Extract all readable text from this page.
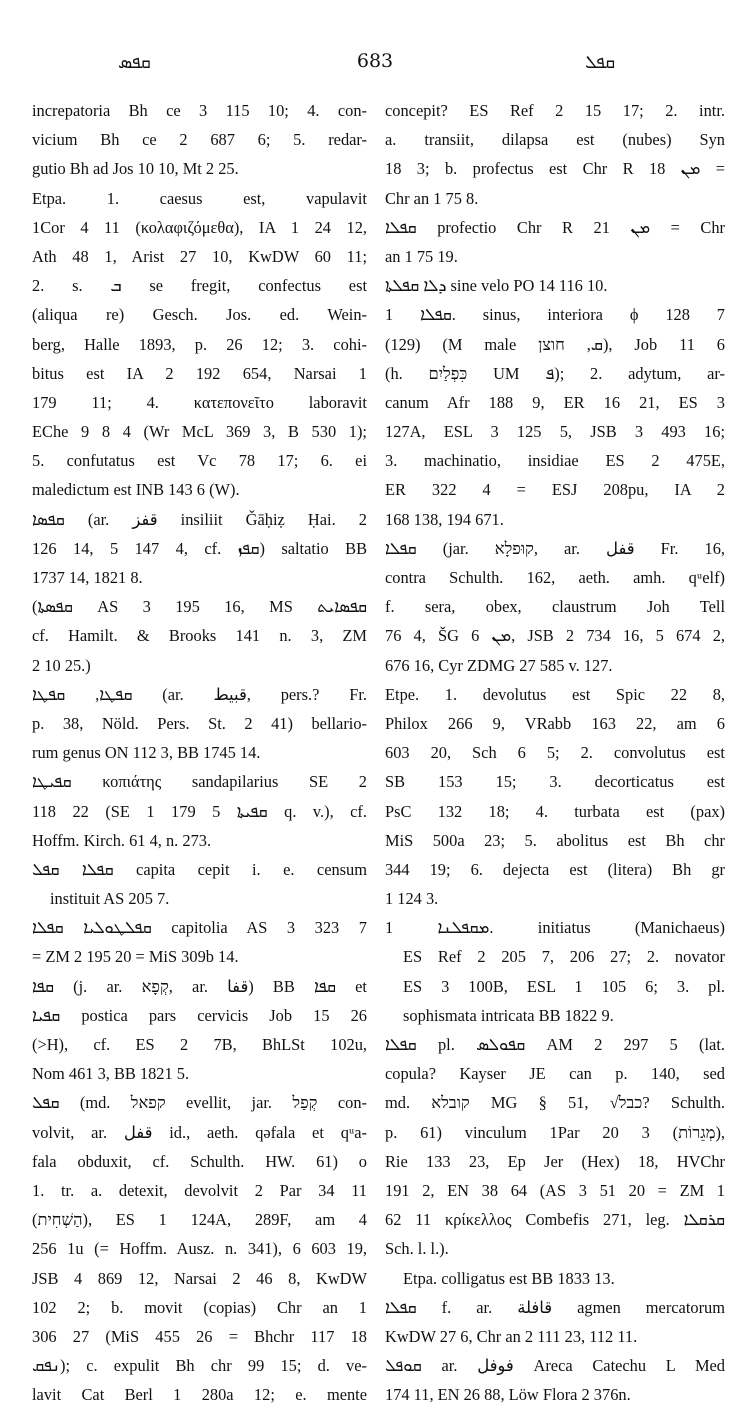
ܩܦܣ	683	ܩܦܠ
increpatoria Bh ce 3 115 10; 4. con-
vicium Bh ce 2 687 6; 5. redar-
gutio Bh ad Jos 10 10, Mt 2 25.
Etpa. 1. caesus est, vapulavit
1Cor 4 11 (κολαφιζόμεθα), IA 1 24 12,
Ath 48 1, Arist 27 10, KwDW 60 11;
2. s. ܒ se fregit, confectus est
(aliqua re) Gesch. Jos. ed. Wein-
berg, Halle 1893, p. 26 12; 3. cohi-
bitus est IA 2 192 654, Narsai 1
179 11; 4. κατεπονεῖτο laboravit
EChe 9 8 4 (Wr McL 369 3, B 530 1);
5. confutatus est Vc 78 17; 6. ei
maledictum est INB 143 6 (W).
ܩܦܣܐ (ar. قفز insiliit Ǧāḥiẓ Ḥai. 2
126 14, 5 147 4, cf. ܩܦܙ) saltatio BB
1737 14, 1821 8.
(ܩܦܣܬܐ AS 3 195 16, MS ܩܦܣܐܝܬ
cf. Hamilt. & Brooks 141 n. 3, ZM
2 10 25.)
ܩܦܛܐ, ܩܦܛܐ (ar. قبيط, pers.? Fr.
p. 38, Nöld. Pers. St. 2 41) bellario-
rum genus ON 112 3, BB 1745 14.
ܩܦܝܛܐ κοπιάτης sandapilarius SE 2
118 22 (SE 1 179 5 ܩܦܝܬܐ q. v.), cf.
Hoffm. Kirch. 61 4, n. 273.
ܩܦܠܐ ܩܦܠ capita cepit i. e. censum
instituit AS 205 7.
ܩܦܠܛܘܠܝܐ ܩܦܠܐ capitolia AS 3 323 7
= ZM 2 195 20 = MiS 309b 14.
ܩܦܐ (j. ar. קְפָא, ar. قفا) BB ܩܦܐ et
ܩܦܝܐ postica pars cervicis Job 15 26
(>H), cf. ES 2 7B, BhLSt 102u,
Nom 461 3, BB 1821 5.
ܩܦܠ (md. קפאל evellit, jar. קְפַל con-
volvit, ar. قفل id., aeth. qǝfala et qᵘa-
fala obduxit, cf. Schulth. HW. 61) o
1. tr. a. detexit, devolvit 2 Par 34 11
(הַשְׁחִית), ES 1 124A, 289F, am 4
256 1u (= Hoffm. Ausz. n. 341), 6 603 19,
JSB 4 869 12, Narsai 2 46 8, KwDW
102 2; b. movit (copias) Chr an 1
306 27 (MiS 455 26 = Bhchr 117 18
ܢܦܩ); c. expulit Bh chr 99 15; d. ve-
lavit Cat Berl 1 280a 12; e. mente
concepit? ES Ref 2 15 17; 2. intr.
a. transiit, dilapsa est (nubes) Syn
18 3; b. profectus est Chr R ܡܢ 18 =
Chr an 1 75 8.
ܩܦܠܐ profectio Chr R ܡܢ 21 = Chr
an 1 75 19.
ܕܠܐ ܩܦܠܬܐ sine velo PO 14 116 10.
ܩܦܠܐ 1. sinus, interiora ϕ 128 7
(129) (M male ܩ, חוצן), Job 11 6
(h. כִּפְלַיִם UM ܦ); 2. adytum, ar-
canum Afr 188 9, ER 16 21, ES 3
127A, ESL 3 125 5, JSB 3 493 16;
3. machinatio, insidiae ES 2 475E,
ER 322 4 = ESJ 208pu, IA 2
168 138, 194 671.
ܩܦܠܐ (jar. קוּפלָא, ar. قفل Fr. 16,
contra Schulth. 162, aeth. amh. qᵘelf)
f. sera, obex, claustrum Joh Tell
76 4, ŠG ܡܢ 6, JSB 2 734 16, 5 674 2,
676 16, Cyr ZDMG 27 585 v. 127.
Etpe. 1. devolutus est Spic 22 8,
Philox 266 9, VRabb 163 22, am 6
603 20, Sch 6 5; 2. convolutus est
SB 153 15; 3. decorticatus est
PsC 132 18; 4. turbata est (pax)
MiS 500a 23; 5. abolitus est Bh chr
344 19; 6. dejecta est (litera) Bh gr
1 124 3.
ܡܩܦܠܢܐ 1. initiatus (Manichaeus)
ES Ref 2 205 7, 206 27; 2. novator
ES 3 100B, ESL 1 105 6; 3. pl.
sophismata intricata BB 1822 9.
ܩܦܠܐ pl. ܩܦܘܠܣ AM 2 297 5 (lat.
copula? Kayser JE can p. 140, sed
md. קובלא MG § 51, √כבל? Schulth.
p. 61) vinculum 1Par 20 3 (מְגֵרוֹת),
Rie 133 23, Ep Jer (Hex) 18, HVChr
191 2, EN 38 64 (AS 3 51 20 = ZM 1
62 11 κρίκελλος Combefis 271, leg. ܩܪܩܠܐ
Sch. l. l.).
Etpa. colligatus est BB 1833 13.
ܩܦܠܐ f. ar. قافلة agmen mercatorum
KwDW 27 6, Chr an 2 111 23, 112 11.
ܩܘܦܠ ar. فوفل Areca Catechu L Med
174 11, EN 26 88, Löw Flora 2 376n.
